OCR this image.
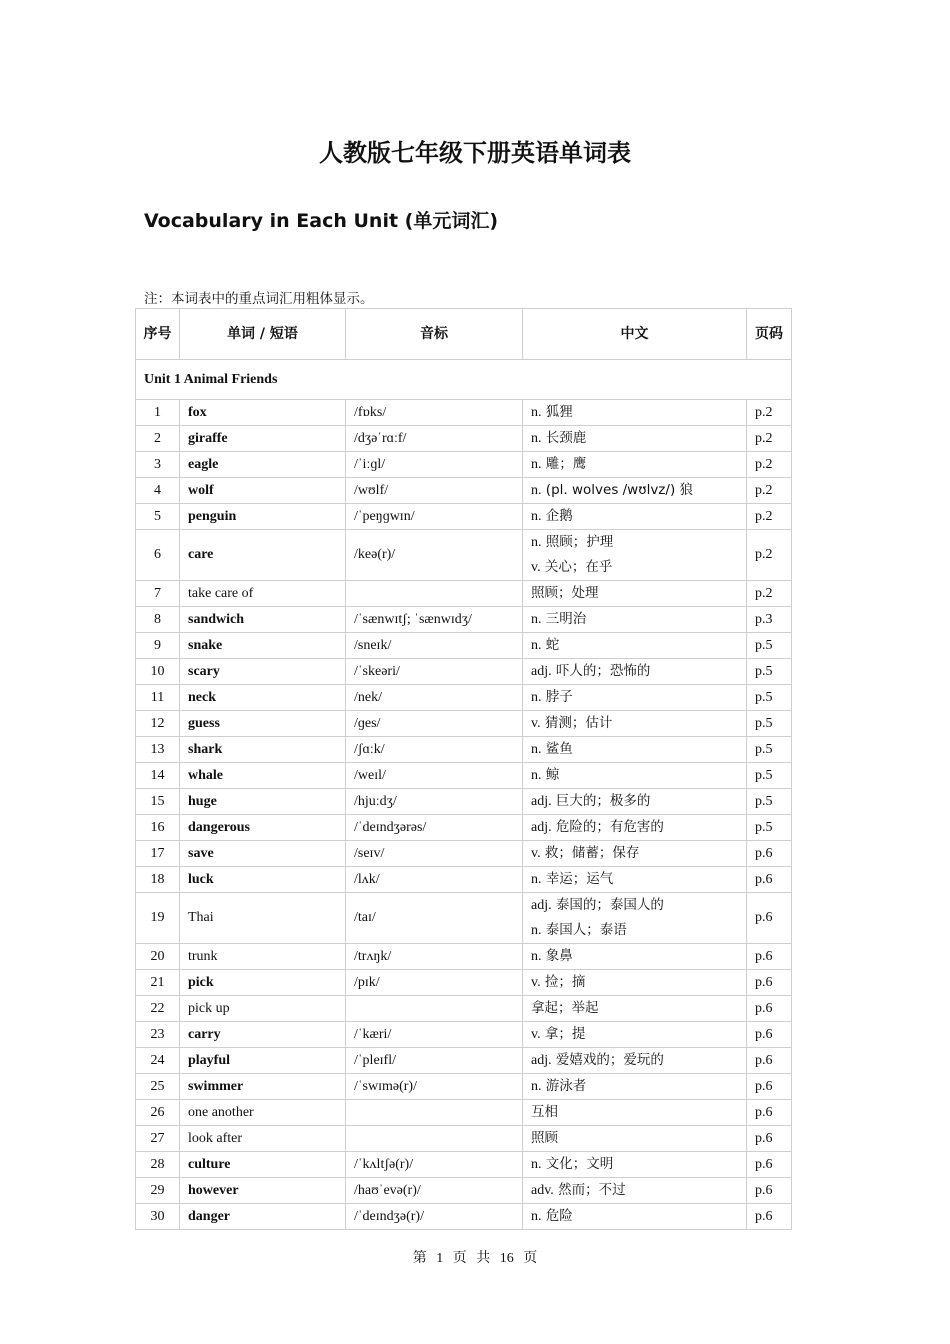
人教版七年级下册英语单词表
Vocabulary in Each Unit (单元词汇)

注：本词表中的重点词汇用粗体显示。

序号	单词 / 短语	音标	中文	页码
Unit 1 Animal Friends				
1	fox	/fɒks/	n. 狐狸	p.2
2	giraffe	/dʒəˈrɑːf/	n. 长颈鹿	p.2
3	eagle	/ˈiːɡl/	n. 雕；鹰	p.2
4	wolf	/wʊlf/	n. (pl. wolves /wʊlvz/) 狼	p.2
5	penguin	/ˈpeŋɡwɪn/	n. 企鹅	p.2
6	care	/keə(r)/	n. 照顾；护理
v. 关心；在乎	p.2
7	take care of		照顾；处理	p.2
8	sandwich	/ˈsænwɪtʃ; ˈsænwɪdʒ/	n. 三明治	p.3
9	snake	/sneɪk/	n. 蛇	p.5
10	scary	/ˈskeəri/	adj. 吓人的；恐怖的	p.5
11	neck	/nek/	n. 脖子	p.5
12	guess	/ɡes/	v. 猜测；估计	p.5
13	shark	/ʃɑːk/	n. 鲨鱼	p.5
14	whale	/weɪl/	n. 鲸	p.5
15	huge	/hjuːdʒ/	adj. 巨大的；极多的	p.5
16	dangerous	/ˈdeɪndʒərəs/	adj. 危险的；有危害的	p.5
17	save	/seɪv/	v. 救；储蓄；保存	p.6
18	luck	/lʌk/	n. 幸运；运气	p.6
19	Thai	/taɪ/	adj. 泰国的；泰国人的
n. 泰国人；泰语	p.6
20	trunk	/trʌŋk/	n. 象鼻	p.6
21	pick	/pɪk/	v. 捡；摘	p.6
22	pick up		拿起；举起	p.6
23	carry	/ˈkæri/	v. 拿；提	p.6
24	playful	/ˈpleɪfl/	adj. 爱嬉戏的；爱玩的	p.6
25	swimmer	/ˈswɪmə(r)/	n. 游泳者	p.6
26	one another		互相	p.6
27	look after		照顾	p.6
28	culture	/ˈkʌltʃə(r)/	n. 文化；文明	p.6
29	however	/haʊˈevə(r)/	adv. 然而；不过	p.6
30	danger	/ˈdeɪndʒə(r)/	n. 危险	p.6

第 1 页 共 16 页
